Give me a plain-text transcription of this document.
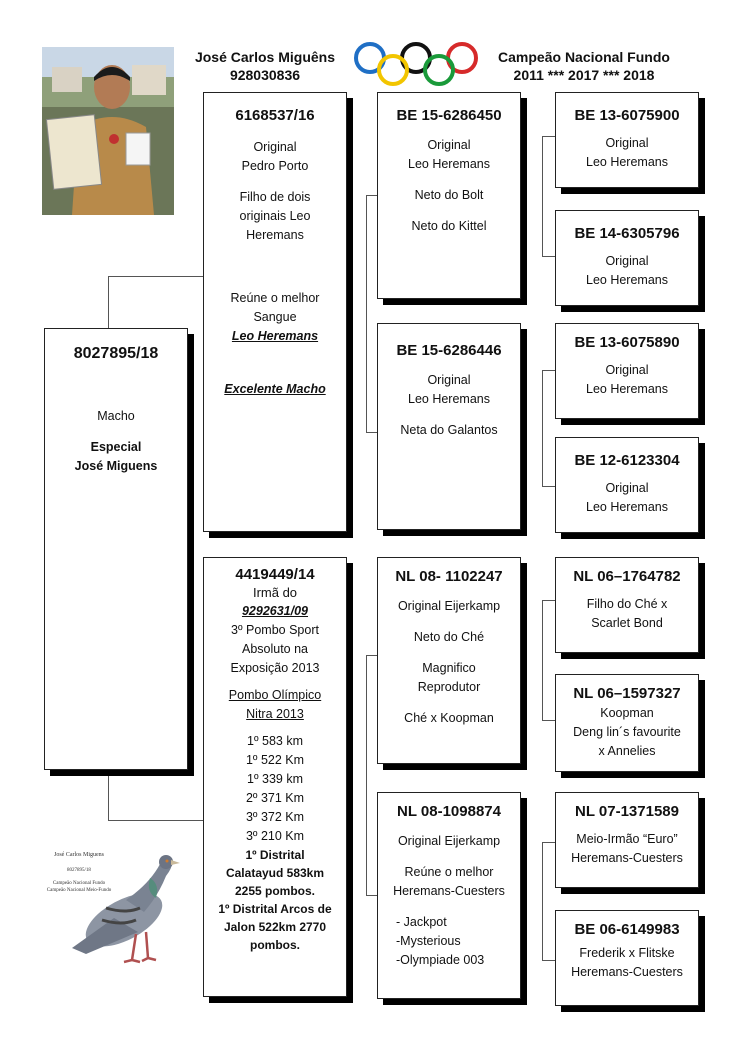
José Carlos Miguêns
928030836
Campeão Nacional Fundo
2011 *** 2017 *** 2018
8027895/18
Macho
Especial
José Miguens
6168537/16
Original
Pedro Porto
Filho de dois
originais Leo
Heremans
Reúne o melhor
Sangue
Leo Heremans
Excelente Macho
4419449/14
Irmã do
9292631/09
3º Pombo Sport
Absoluto na
Exposição 2013
Pombo Olímpico
Nitra 2013
1º 583 km
1º 522 Km
1º 339 km
2º 371 Km
3º 372 Km
3º 210 Km
1º Distrital
Calatayud 583km
2255 pombos.
1º Distrital Arcos de
Jalon 522km 2770
pombos.
BE 15-6286450
Original
Leo Heremans
Neto do Bolt
Neto do Kittel
BE 15-6286446
Original
Leo Heremans
Neta do Galantos
NL 08- 1102247
Original Eijerkamp
Neto do Ché
Magnifico
Reprodutor
Ché x Koopman
NL 08-1098874
Original Eijerkamp
Reúne o melhor
Heremans-Cuesters
- Jackpot
-Mysterious
-Olympiade 003
BE 13-6075900
Original
Leo Heremans
BE 14-6305796
Original
Leo Heremans
BE 13-6075890
Original
Leo Heremans
BE 12-6123304
Original
Leo Heremans
NL 06–1764782
Filho do Ché x
Scarlet Bond
NL 06–1597327
Koopman
Deng lin´s favourite
x Annelies
NL 07-1371589
Meio-Irmão “Euro”
Heremans-Cuesters
BE 06-6149983
Frederik x Flitske
Heremans-Cuesters
José Carlos Miguens
8027895/18
Campeão Nacional Fundo
Campeão Nacional Meio-Fundo
